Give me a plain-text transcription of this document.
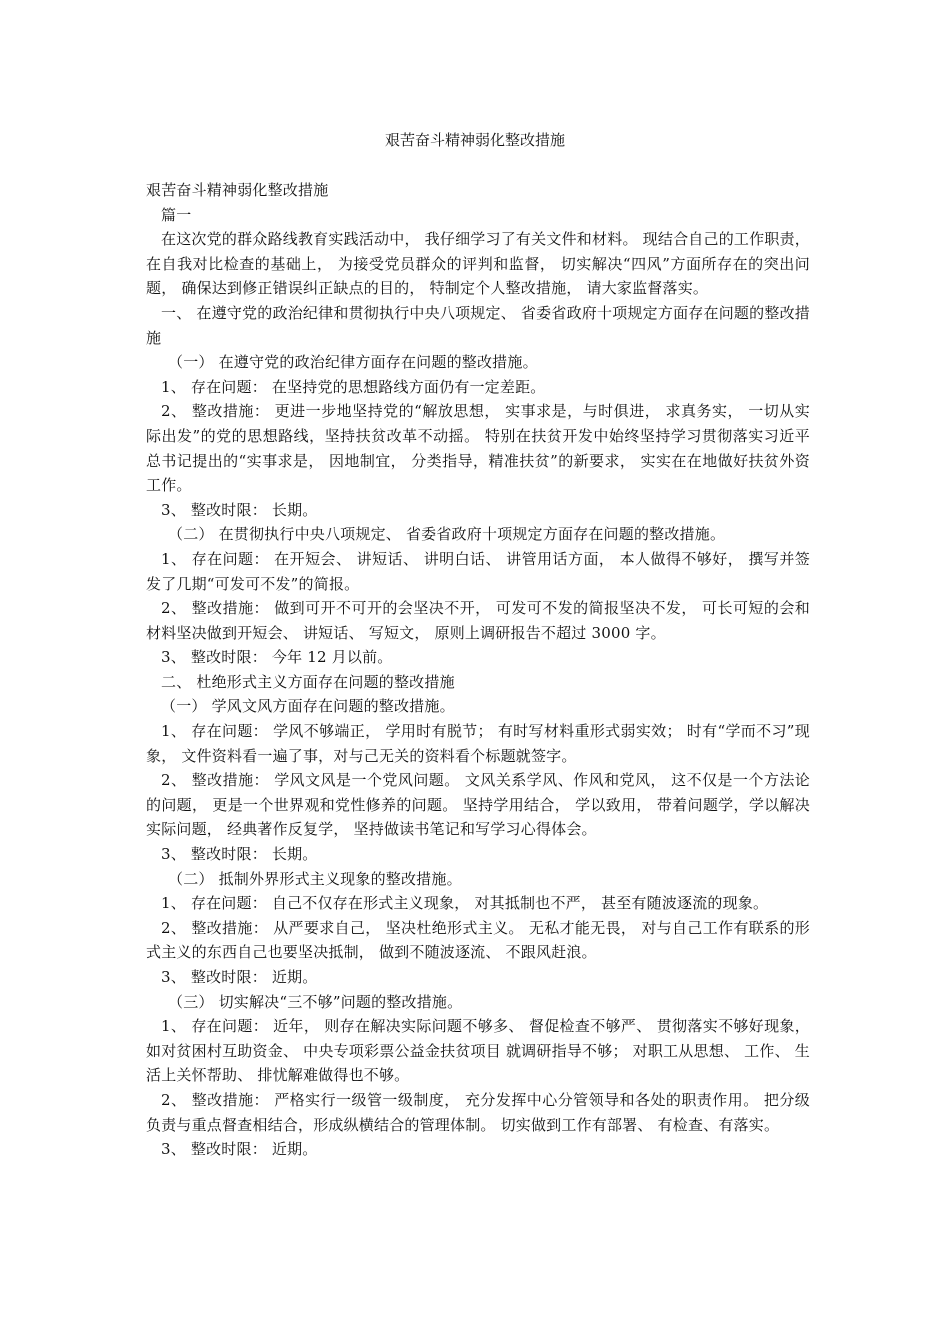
艰苦奋斗精神弱化整改措施

艰苦奋斗精神弱化整改措施

篇一

在这次党的群众路线教育实践活动中， 我仔细学习了有关文件和材料。 现结合自己的工作职责， 在自我对比检查的基础上， 为接受党员群众的评判和监督， 切实解决“四风”方面所存在的突出问题， 确保达到修正错误纠正缺点的目的， 特制定个人整改措施， 请大家监督落实。

一、 在遵守党的政治纪律和贯彻执行中央八项规定、 省委省政府十项规定方面存在问题的整改措施

（一） 在遵守党的政治纪律方面存在问题的整改措施。

1、 存在问题： 在坚持党的思想路线方面仍有一定差距。

2、 整改措施： 更进一步地坚持党的“解放思想， 实事求是，与时俱进， 求真务实， 一切从实际出发”的党的思想路线，坚持扶贫改革不动摇。 特别在扶贫开发中始终坚持学习贯彻落实习近平总书记提出的“实事求是， 因地制宜， 分类指导，精准扶贫”的新要求， 实实在在地做好扶贫外资工作。

3、 整改时限： 长期。

（二） 在贯彻执行中央八项规定、 省委省政府十项规定方面存在问题的整改措施。

1、 存在问题： 在开短会、 讲短话、 讲明白话、 讲管用话方面， 本人做得不够好， 撰写并签发了几期“可发可不发”的简报。

2、 整改措施： 做到可开不可开的会坚决不开， 可发可不发的简报坚决不发， 可长可短的会和材料坚决做到开短会、 讲短话、 写短文， 原则上调研报告不超过 3000 字。

3、 整改时限： 今年 12 月以前。

二、 杜绝形式主义方面存在问题的整改措施

（一） 学风文风方面存在问题的整改措施。

1、 存在问题： 学风不够端正， 学用时有脱节； 有时写材料重形式弱实效； 时有“学而不习”现象， 文件资料看一遍了事，对与己无关的资料看个标题就签字。

2、 整改措施： 学风文风是一个党风问题。 文风关系学风、作风和党风， 这不仅是一个方法论的问题， 更是一个世界观和党性修养的问题。 坚持学用结合， 学以致用， 带着问题学，学以解决实际问题， 经典著作反复学， 坚持做读书笔记和写学习心得体会。

3、 整改时限： 长期。

（二） 抵制外界形式主义现象的整改措施。

1、 存在问题： 自己不仅存在形式主义现象， 对其抵制也不严， 甚至有随波逐流的现象。

2、 整改措施： 从严要求自己， 坚决杜绝形式主义。 无私才能无畏， 对与自己工作有联系的形式主义的东西自己也要坚决抵制， 做到不随波逐流、 不跟风赶浪。

3、 整改时限： 近期。

（三） 切实解决“三不够”问题的整改措施。

1、 存在问题： 近年， 则存在解决实际问题不够多、 督促检查不够严、 贯彻落实不够好现象， 如对贫困村互助资金、 中央专项彩票公益金扶贫项目 就调研指导不够； 对职工从思想、 工作、 生活上关怀帮助、 排忧解难做得也不够。

2、 整改措施： 严格实行一级管一级制度， 充分发挥中心分管领导和各处的职责作用。 把分级负责与重点督查相结合，形成纵横结合的管理体制。 切实做到工作有部署、 有检查、有落实。

3、 整改时限： 近期。
